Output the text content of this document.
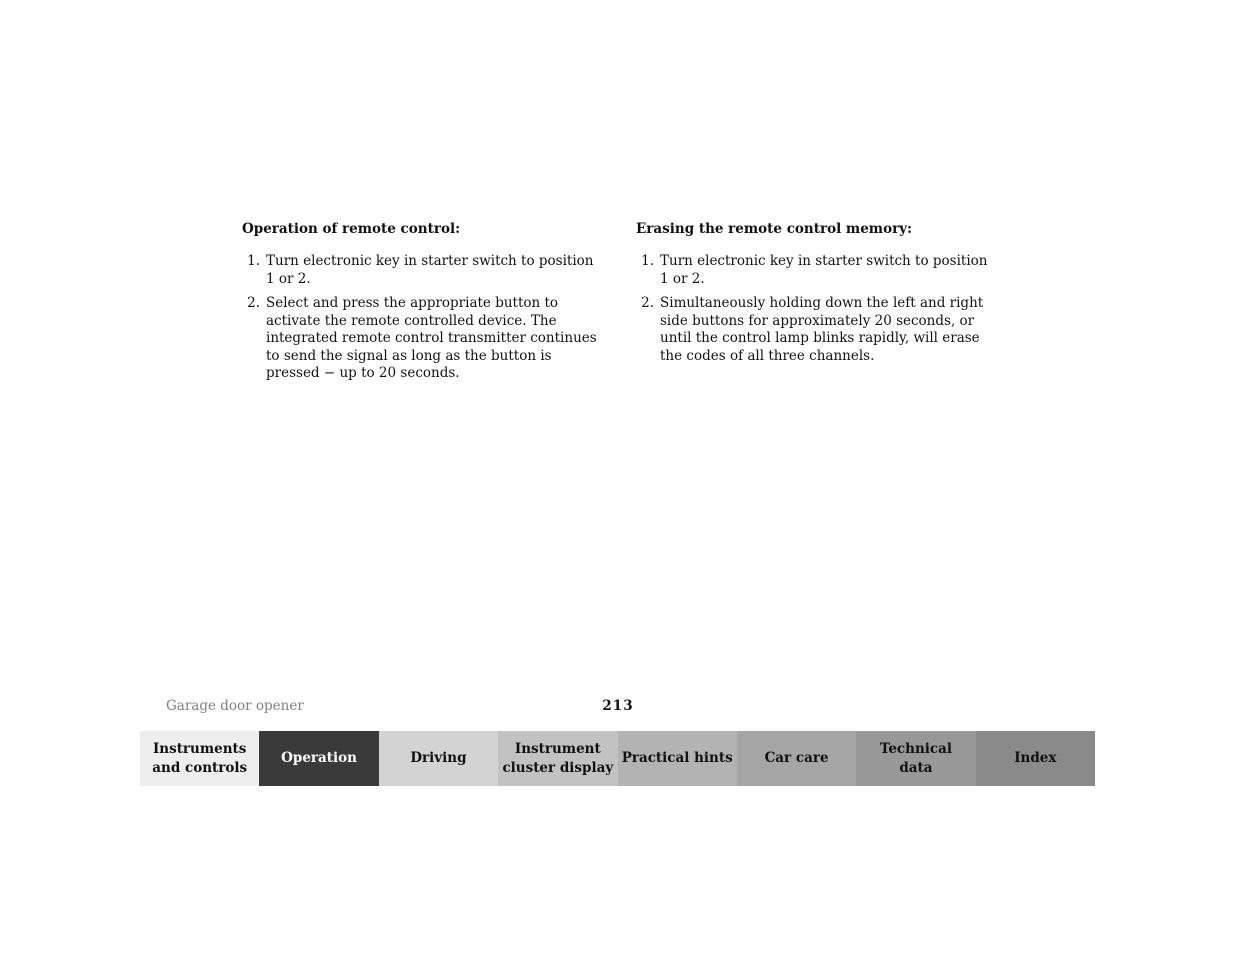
Operation of remote control:
1. Turn electronic key in starter switch to position 1 or 2.
2. Select and press the appropriate button to activate the remote controlled device. The integrated remote control transmitter continues to send the signal as long as the button is pressed − up to 20 seconds.
Erasing the remote control memory:
1. Turn electronic key in starter switch to position 1 or 2.
2. Simultaneously holding down the left and right side buttons for approximately 20 seconds, or until the control lamp blinks rapidly, will erase the codes of all three channels.
Garage door opener	213
Instruments
and controls
Operation	Driving
Instrument
cluster display
Practical hints	Car care
Technical
data
Index
